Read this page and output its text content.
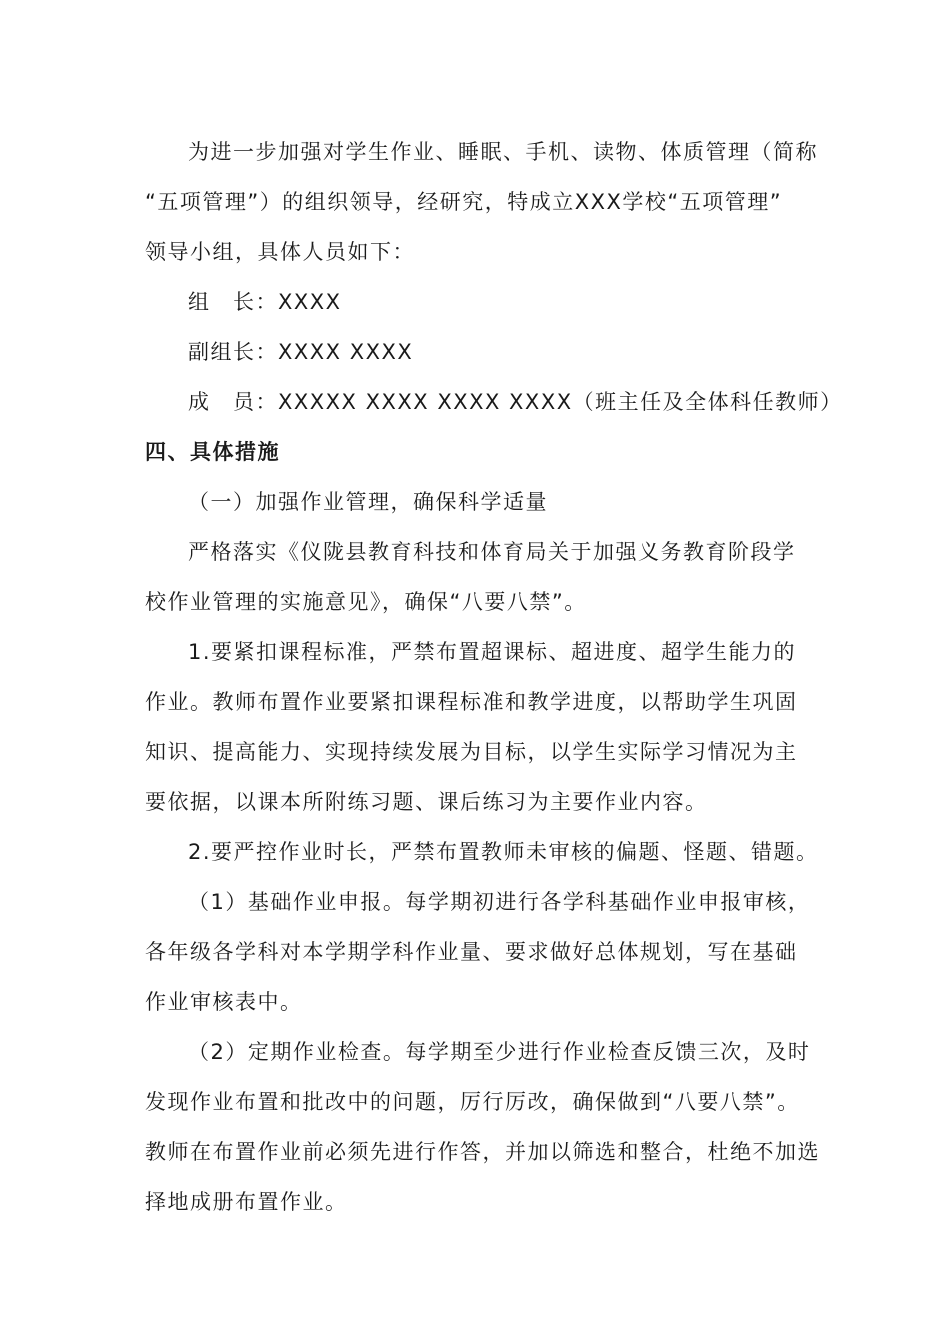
为进一步加强对学生作业、睡眠、手机、读物、体质管理（简称
“五项管理”）的组织领导，经研究，特成立XXX学校“五项管理”
领导小组，具体人员如下：
组　长：XXXX
副组长：XXXX XXXX
成　员：XXXXX XXXX XXXX XXXX（班主任及全体科任教师）
四、具体措施
（一）加强作业管理，确保科学适量
严格落实《仪陇县教育科技和体育局关于加强义务教育阶段学
校作业管理的实施意见》，确保“八要八禁”。
1.要紧扣课程标准，严禁布置超课标、超进度、超学生能力的
作业。教师布置作业要紧扣课程标准和教学进度，以帮助学生巩固
知识、提高能力、实现持续发展为目标，以学生实际学习情况为主
要依据，以课本所附练习题、课后练习为主要作业内容。
2.要严控作业时长，严禁布置教师未审核的偏题、怪题、错题。
（1）基础作业申报。每学期初进行各学科基础作业申报审核，
各年级各学科对本学期学科作业量、要求做好总体规划，写在基础
作业审核表中。
（2）定期作业检查。每学期至少进行作业检查反馈三次，及时
发现作业布置和批改中的问题，厉行厉改，确保做到“八要八禁”。
教师在布置作业前必须先进行作答，并加以筛选和整合，杜绝不加选
择地成册布置作业。
